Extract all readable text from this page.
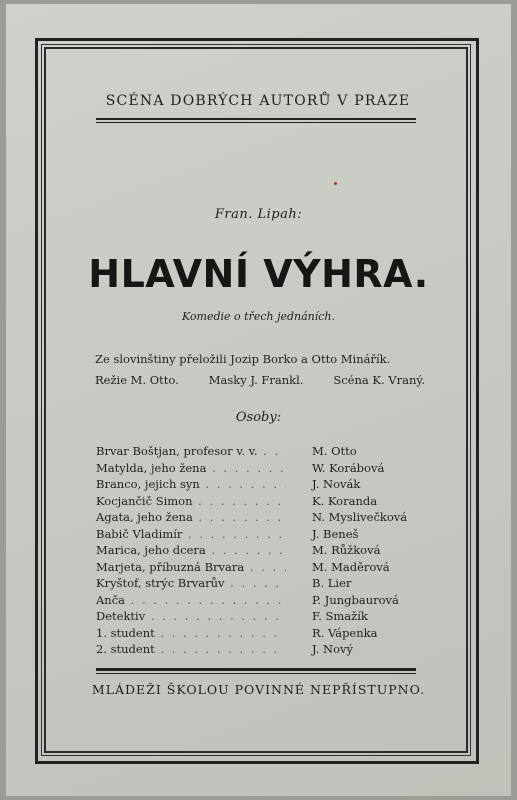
SCÉNA DOBRÝCH AUTORŮ V PRAZE
Fran. Lipah:
HLAVNÍ VÝHRA.
Komedie o třech jednáních.
Ze slovinštiny přeložili Jozip Borko a Otto Minářík.
Režie M. Otto.	Masky J. Frankl.	Scéna K. Vraný.
Osoby:
Brvar Boštjan, profesor v. v. . . .	M. Otto
Matylda, jeho žena . . .	W. Korábová
Branco, jejich syn . . .	J. Novák
Kocjančič Simon . . .	K. Koranda
Agata, jeho žena . . .	N. Myslivečková
Babič Vladimír . . .	J. Beneš
Marica, jeho dcera . . .	M. Růžková
Marjeta, příbuzná Brvara . . .	M. Maděrová
Kryštof, strýc Brvarův . . .	B. Lier
Anča . . .	P. Jungbaurová
Detektiv . . .	F. Smažík
1. student . . .	R. Vápenka
2. student . . .	J. Nový
MLÁDEŽI ŠKOLOU POVINNÉ NEPŘÍSTUPNO.
